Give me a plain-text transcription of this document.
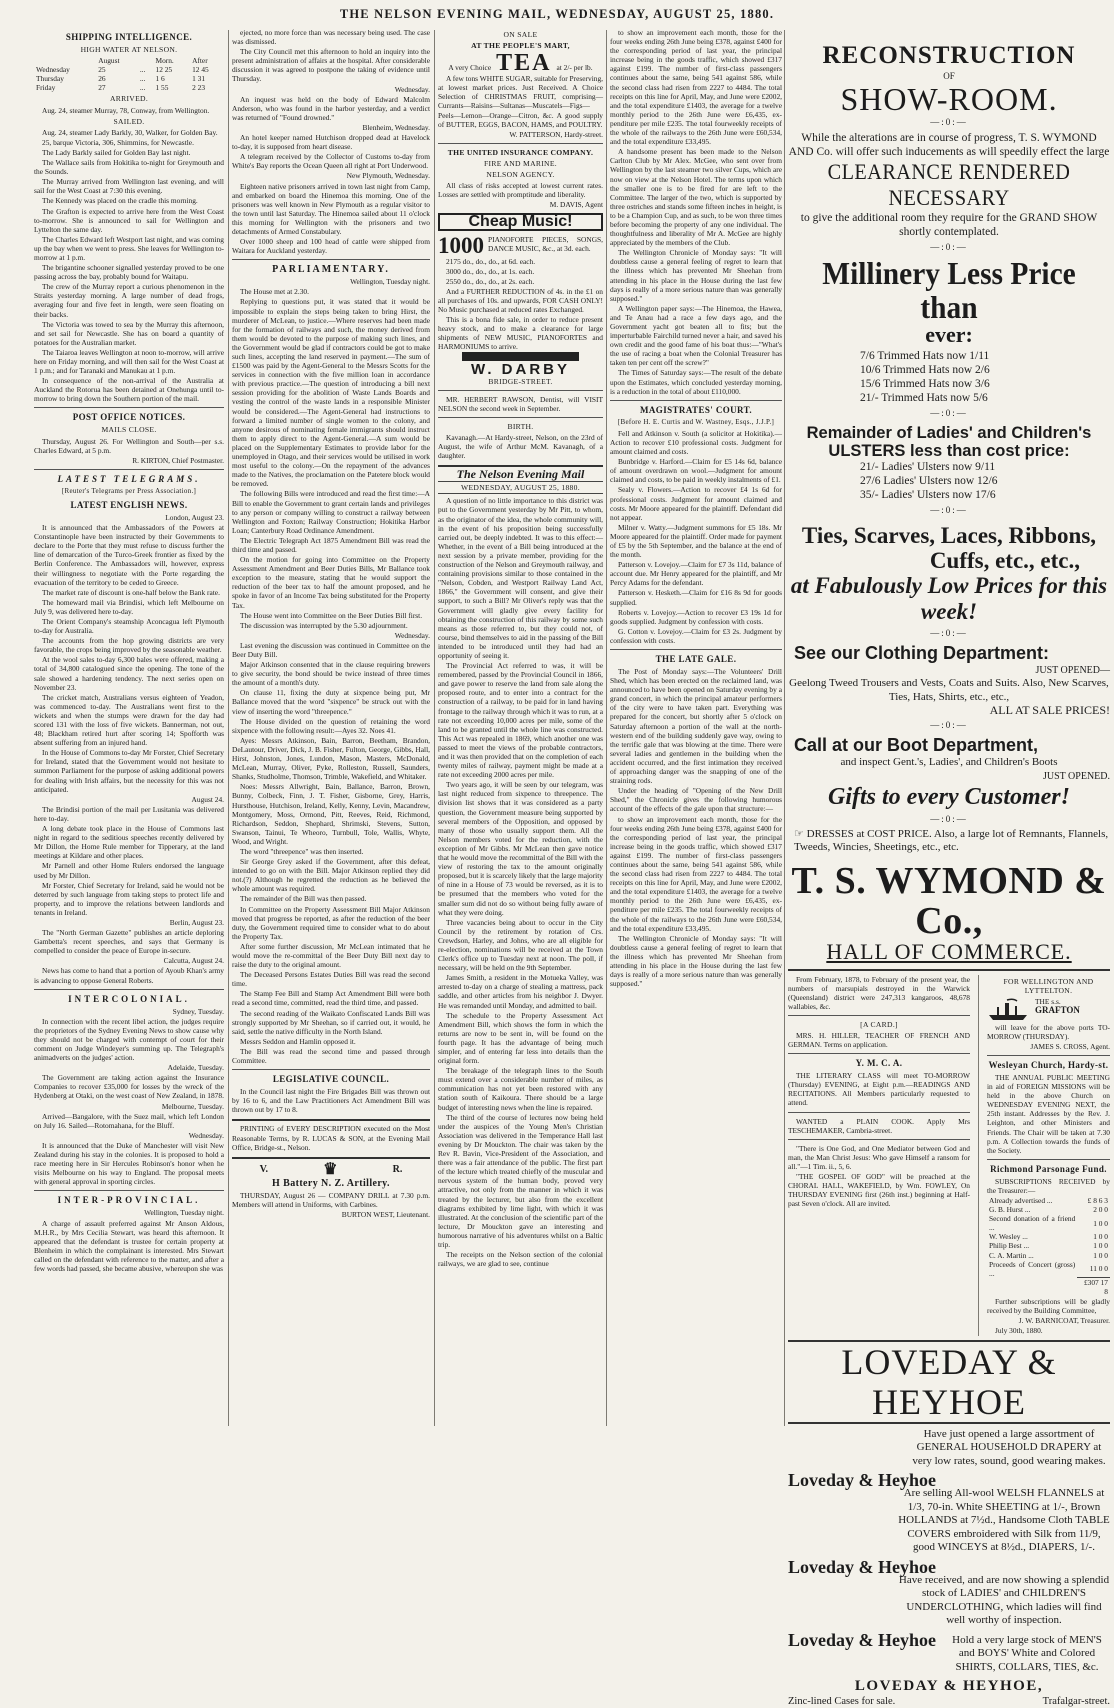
THE NELSON EVENING MAIL, WEDNESDAY, AUGUST 25, 1880.
SHIPPING INTELLIGENCE.
HIGH WATER AT NELSON.
	August		Morn.	After
Wednesday	25	...	12 25	12 45
Thursday	26	...	1 6	1 31
Friday	27	...	1 55	2 23
ARRIVED.

Aug. 24, steamer Murray, 78, Conway, from Wellington.

SAILED.

Aug. 24, steamer Lady Barkly, 30, Walker, for Golden Bay.

25, barque Victoria, 306, Shimmins, for Newcastle.

The Lady Barkly sailed for Golden Bay last night.

The Wallace sails from Hokitika to-night for Greymouth and the Sounds.

The Murray arrived from Wellington last evening, and will sail for the West Coast at 7:30 this evening.

The Kennedy was placed on the cradle this morning.

The Grafton is expected to arrive here from the West Coast to-morrow. She is announced to sail for Wellington and Lyttelton the same day.

The Charles Edward left Westport last night, and was coming up the bay when we went to press. She leaves for Wellington to-morrow at 1 p.m.

The brigantine schooner signalled yesterday proved to be one passing across the bay, probably bound for Waitapu.

The crew of the Murray report a curious phenomenon in the Straits yesterday morning. A large number of dead frogs, averaging four and five feet in length, were seen floating on their backs.

The Victoria was towed to sea by the Murray this afternoon, and set sail for Newcastle. She has on board a quantity of potatoes for the Australian market.

The Taiaroa leaves Wellington at noon to-morrow, will arrive here on Friday morning, and will then sail for the West Coast at 1 p.m.; and for Taranaki and Manukau at 1 p.m.

In consequence of the non-arrival of the Australia at Auckland the Rotorua has been detained at Onehunga until to-morrow to bring down the Southern portion of the mail.

POST OFFICE NOTICES.
MAILS CLOSE.

Thursday, August 26. For Wellington and South—per s.s. Charles Edward, at 5 p.m.

R. KIRTON, Chief Postmaster.

LATEST TELEGRAMS.
[Reuter's Telegrams per Press Association.]
LATEST ENGLISH NEWS.

London, August 23.

It is announced that the Ambassadors of the Powers at Constantinople have been instructed by their Governments to declare to the Porte that they must refuse to discuss further the line of demarcation of the Turco-Greek frontier as fixed by the Berlin Conference. The Ambassadors will, however, express their willingness to negotiate with the Porte regarding the evacuation of the territory to be ceded to Greece.

The market rate of discount is one-half below the Bank rate.

The homeward mail via Brindisi, which left Melbourne on July 9, was delivered here to-day.

The Orient Company's steamship Aconcagua left Plymouth to-day for Australia.

The accounts from the hop growing districts are very favorable, the crops being improved by the seasonable weather.

At the wool sales to-day 6,300 bales were offered, making a total of 34,800 catalogued since the opening. The tone of the sale showed a hardening tendency. The next series open on November 23.

The cricket match, Australians versus eighteen of Yeadon, was commenced to-day. The Australians went first to the wickets and when the stumps were drawn for the day had scored 131 with the loss of five wickets. Bannerman, not out, 48; Blackham retired hurt after scoring 14; Spofforth was absent suffering from an injured hand.

In the House of Commons to-day Mr Forster, Chief Secretary for Ireland, stated that the Government would not hesitate to summon Parliament for the purpose of asking additional powers for dealing with Irish affairs, but the necessity for this was not anticipated.

August 24.

The Brindisi portion of the mail per Lusitania was delivered here to-day.

A long debate took place in the House of Commons last night in regard to the seditious speeches recently delivered by Mr Dillon, the Home Rule member for Tipperary, at the land meetings at Kildare and other places.

Mr Parnell and other Home Rulers endorsed the language used by Mr Dillon.

Mr Forster, Chief Secretary for Ireland, said he would not be deterred by such language from taking steps to protect life and property, and to improve the relations between landlords and tenants in Ireland.

Berlin, August 23.

The "North German Gazette" publishes an article deploring Gambetta's recent speeches, and says that Germany is compelled to consider the peace of Europe in-secure.

Calcutta, August 24.

News has come to hand that a portion of Ayoub Khan's army is advancing to oppose General Roberts.

INTERCOLONIAL.

Sydney, Tuesday.

In connection with the recent libel action, the judges require the proprietors of the Sydney Evening News to show cause why they should not be charged with contempt of court for their comment on Judge Windeyer's summing up. The Telegraph's animadverts on the judges' action.

Adelaide, Tuesday.

The Government are taking action against the Insurance Companies to recover £35,000 for losses by the wreck of the Hydenberg at Otaki, on the west coast of New Zealand, in 1878.

Melbourne, Tuesday.

Arrived—Bangalore, with the Suez mail, which left London on July 16. Sailed—Rotomahana, for the Bluff.

Wednesday.

It is announced that the Duke of Manchester will visit New Zealand during his stay in the colonies. It is proposed to hold a race meeting here in Sir Hercules Robinson's honor when he visits Melbourne on his way to England. The proposal meets with general approval in sporting circles.

INTER-PROVINCIAL.

Wellington, Tuesday night.

A charge of assault preferred against Mr Anson Aldous, M.H.R., by Mrs Cecilia Stewart, was heard this afternoon. It appeared that the defendant is trustee for certain property at Blenheim in which the complainant is interested. Mrs Stewart called on the defendant with reference to the matter, and after a few words had passed, she became abusive, whereupon she was

ejected, no more force than was necessary being used. The case was dismissed.

The City Council met this afternoon to hold an inquiry into the present administration of affairs at the hospital. After considerable discussion it was agreed to postpone the taking of evidence until Thursday.

Wednesday.

An inquest was held on the body of Edward Malcolm Anderson, who was found in the harbor yesterday, and a verdict was returned of "Found drowned."

Blenheim, Wednesday.

An hotel keeper named Hutchison dropped dead at Havelock to-day, it is supposed from heart disease.

A telegram received by the Collector of Customs to-day from White's Bay reports the Ocean Queen all right at Port Underwood.

New Plymouth, Wednesday.

Eighteen native prisoners arrived in town last night from Camp, and embarked on board the Hinemoa this morning. One of the prisoners was well known in New Plymouth as a regular visitor to the town until last Saturday. The Hinemoa sailed about 11 o'clock this morning for Wellington with the prisoners and two detachments of Armed Constabulary.

Over 1000 sheep and 100 head of cattle were shipped from Waitara for Auckland yesterday.

PARLIAMENTARY.

Wellington, Tuesday night.

The House met at 2.30.

Replying to questions put, it was stated that it would be impossible to explain the steps being taken to bring Hirst, the murderer of McLean, to justice.—Where reserves had been made for the formation of railways and such, the money derived from them would be devoted to the purpose of making such lines, and the Government would be glad if contractors could be got to make such lines, accepting the land reserved in payment.—The sum of £1500 was paid by the Agent-General to the Messrs Scotts for the services in connection with the five million loan in accordance with previous practice.—The question of introducing a bill next session providing for the abolition of Waste Lands Boards and vesting the control of the waste lands in a responsible Minister would be considered.—The Agent-General had instructions to forward a limited number of single women to the colony, and anyone desirous of nominating female immigrants should instruct them to apply direct to the Agent-General.—A sum would be placed on the Supplementary Estimates to provide labor for the unemployed in Otago, and their services would be utilised in work most useful to the colony.—On the repayment of the advances made to the Natives, the proclamation on the Patetere block would be removed.

The following Bills were introduced and read the first time:—A Bill to enable the Government to grant certain lands and privileges to any person or company willing to construct a railway between Wellington and Foxton; Railway Construction; Hokitika Harbor Loan; Canterbury Road Ordinance Amendment.

The Electric Telegraph Act 1875 Amendment Bill was read the third time and passed.

On the motion for going into Committee on the Property Assessment Amendment and Beer Duties Bills, Mr Ballance took exception to the measure, stating that he would support the reduction of the beer tax to half the amount proposed, and he spoke in favor of an Income Tax being substituted for the Property Tax.

The House went into Committee on the Beer Duties Bill first.

The discussion was interrupted by the 5.30 adjournment.

Wednesday.

Last evening the discussion was continued in Committee on the Beer Duty Bill.

Major Atkinson consented that in the clause requiring brewers to give security, the bond should be twice instead of three times the amount of a month's duty.

On clause 11, fixing the duty at sixpence being put, Mr Ballance moved that the word "sixpence" be struck out with the view of inserting the word "threepence."

The House divided on the question of retaining the word sixpence with the following result:—Ayes 32. Noes 41.

Ayes: Messrs Atkinson, Bain, Barron, Beetham, Brandon, DeLautour, Driver, Dick, J. B. Fisher, Fulton, George, Gibbs, Hall, Hirst, Johnston, Jones, Lundon, Mason, Masters, McDonald, McLean, Murray, Oliver, Pyke, Rolleston, Russell, Saunders, Shanks, Studholme, Thomson, Trimble, Wakefield, and Whitaker.

Noes: Messrs Allwright, Bain, Ballance, Barron, Brown, Bunny, Colbeck, Finn, J. T. Fisher, Gisborne, Grey, Harris, Hursthouse, Hutchison, Ireland, Kelly, Kenny, Levin, Macandrew, Montgomery, Moss, Ormond, Pitt, Reeves, Reid, Richmond, Richardson, Seddon, Shephard, Shrimski, Stevens, Sutton, Swanson, Tainui, Te Wheoro, Turnbull, Tole, Wallis, Whyte, Wood, and Wright.

The word "threepence" was then inserted.

Sir George Grey asked if the Government, after this defeat, intended to go on with the Bill. Major Atkinson replied they did not.(?) Although he regretted the reduction as he believed the whole amount was required.

The remainder of the Bill was then passed.

In Committee on the Property Assessment Bill Major Atkinson moved that progress be reported, as after the reduction of the beer duty, the Government required time to consider what to do about the Property Tax.

After some further discussion, Mr McLean intimated that he would move the re-committal of the Beer Duty Bill next day to raise the duty to the original amount.

The Deceased Persons Estates Duties Bill was read the second time.

The Stamp Fee Bill and Stamp Act Amendment Bill were both read a second time, committed, read the third time, and passed.

The second reading of the Waikato Confiscated Lands Bill was strongly supported by Mr Sheehan, so if carried out, it would, he said, settle the native difficulty in the North Island.

Messrs Seddon and Hamlin opposed it.

The Bill was read the second time and passed through Committee.

LEGISLATIVE COUNCIL.

In the Council last night the Fire Brigades Bill was thrown out by 16 to 6, and the Law Practitioners Act Amendment Bill was thrown out by 17 to 8.

PRINTING of EVERY DESCRIPTION executed on the Most Reasonable Terms, by R. LUCAS & SON, at the Evening Mail Office, Bridge-st., Nelson.

V.	♛	R.
H Battery N. Z. Artillery.

THURSDAY, August 26 — COMPANY DRILL at 7.30 p.m. Members will attend in Uniforms, with Carbines.

BURTON WEST, Lieutenant.

ON SALE
AT THE PEOPLE'S MART,
A very Choice TEA at 2/- per lb.

A few tons WHITE SUGAR, suitable for Preserving, at lowest market prices. Just Received. A Choice Selection of CHRISTMAS FRUIT, comprising—Currants—Raisins—Sultanas—Muscatels—Figs—Peels—Lemon—Orange—Citron, &c. A good supply of BUTTER, EGGS, BACON, HAMS, and POULTRY.

W. PATTERSON, Hardy-street.

THE UNITED INSURANCE COMPANY.
FIRE AND MARINE.
NELSON AGENCY.

All class of risks accepted at lowest current rates. Losses are settled with promptitude and liberality.

M. DAVIS, Agent

Cheap Music!
1000 PIANOFORTE PIECES, SONGS, DANCE MUSIC, &c., at 3d. each.

2175 do., do., do., at 6d. each.

3000 do., do., do., at 1s. each.

2550 do., do., do., at 2s. each.

And a FURTHER REDUCTION of 4s. in the £1 on all purchases of 10s. and upwards, FOR CASH ONLY! No Music purchased at reduced rates Exchanged.

This is a bona fide sale, in order to reduce present heavy stock, and to make a clearance for large shipments of NEW MUSIC, PIANOFORTES and HARMONIUMS to arrive.

W. DARBY
BRIDGE-STREET.

MR. HERBERT RAWSON, Dentist, will VISIT NELSON the second week in September.

BIRTH.

Kavanagh.—At Hardy-street, Nelson, on the 23rd of August, the wife of Arthur McM. Kavanagh, of a daughter.

The Nelson Evening Mail
WEDNESDAY, AUGUST 25, 1880.

A question of no little importance to this district was put to the Government yesterday by Mr Pitt, to whom, as the originator of the idea, the whole community will, in the event of his proposition being successfully carried out, be deeply indebted. It was to this effect:—Whether, in the event of a Bill being introduced at the next session by a private member, providing for the construction of the Nelson and Greymouth railway, and containing provisions similar to those contained in the "Nelson, Cobden, and Westport Railway Land Act, 1866," the Government will consent, and give their support, to such a Bill? Mr Oliver's reply was that the Government will gladly give every facility for obtaining the construction of this railway by some such means as those referred to, but they could not, of course, bind themselves to aid in the passing of the Bill intended to be introduced until they had had an opportunity of seeing it.

The Provincial Act referred to was, it will be remembered, passed by the Provincial Council in 1866, and gave power to reserve the land from sale along the proposed route, and to enter into a contract for the construction of a railway, to be paid for in land having frontage to the railway through which it was to run, at a rate not exceeding 10,000 acres per mile, some of the land to be granted until the whole line was constructed. This Act was repealed in 1869, which another one was passed to meet the views of the probable contractors, and it was then provided that on the completion of each twenty miles of railway, payment might be made at a rate not exceeding 2000 acres per mile.

Two years ago, it will be seen by our telegram, was last night reduced from sixpence to threepence. The division list shows that it was considered as a party question, the Government measure being supported by several members of the Opposition, and opposed by many of those who usually support them. All the Nelson members voted for the reduction, with the exception of Mr Gibbs. Mr McLean then gave notice that he would move the recommittal of the Bill with the view of restoring the tax to the amount originally proposed, but it is scarcely likely that the large majority of nine in a House of 73 would be reversed, as it is to be presumed that the members who voted for the smaller sum did not do so without being fully aware of what they were doing.

Three vacancies being about to occur in the City Council by the retirement by rotation of Crs. Crewdson, Harley, and Johns, who are all eligible for re-election, nominations will be received at the Town Clerk's office up to Tuesday next at noon. The poll, if necessary, will be held on the 9th September.

James Smith, a resident in the Motueka Valley, was arrested to-day on a charge of stealing a mattress, pack saddle, and other articles from his neighbor J. Dwyer. He was remanded until Monday, and admitted to bail.

The schedule to the Property Assessment Act Amendment Bill, which shows the form in which the returns are now to be sent in, will be found on the fourth page. It has the advantage of being much simpler, and of entering far less into details than the original form.

The breakage of the telegraph lines to the South must extend over a considerable number of miles, as communication has not yet been restored with any station south of Kaikoura. There should be a large budget of interesting news when the line is repaired.

The third of the course of lectures now being held under the auspices of the Young Men's Christian Association was delivered in the Temperance Hall last evening by Dr Mouckton. The chair was taken by the Rev R. Bavin, Vice-President of the Association, and there was a fair attendance of the public. The first part of the lecture which treated chiefly of the muscular and nervous system of the human body, proved very attractive, not only from the manner in which it was treated by the lecturer, but also from the excellent diagrams exhibited by lime light, with which it was illustrated. At the conclusion of the scientific part of the lecture, Dr Mouckton gave an interesting and humorous narrative of his adventures whilst on a Baltic trip.

The receipts on the Nelson section of the colonial railways, we are glad to see, continue

to show an improvement each month, those for the four weeks ending 26th June being £378, against £400 for the corresponding period of last year, the principal increase being in the goods traffic, which showed £317 against £199. The number of first-class passengers continues about the same, being 541 against 586, while the second class had risen from 2227 to 4484. The total receipts on this line for April, May, and June were £2002, and the total expenditure £1403, the average for a twelve monthly period to the 26th June were £6,435, ex-penditure per mile £235. The total fourweekly receipts of the whole of the railways to the 26th June were £60,534, and the total expenditure £33,495.

A handsome present has been made to the Nelson Carlton Club by Mr Alex. McGee, who sent over from Wellington by the last steamer two silver Cups, which are now on view at the Nelson Hotel. The terms upon which the smaller one is to be fired for are left to the Committee. The larger of the two, which is supported by three ostriches and stands some fifteen inches in height, is to be a Champion Cup, and as such, to be won three times before becoming the property of any one individual. The thoughtfulness and liberality of Mr A. McGee are highly appreciated by the members of the Club.

The Wellington Chronicle of Monday says: "It will doubtless cause a general feeling of regret to learn that the illness which has prevented Mr Sheehan from attending in his place in the House during the last few days is really of a more serious nature than was generally supposed."

A Wellington paper says:—The Hinemoa, the Hawea, and Te Anau had a race a few days ago, and the Government yacht got beaten all to fits; but the imperturbable Fairchild turned never a hair, and saved his own credit and the good fame of his boat thus:—"What's the use of racing a boat when the Colonial Treasurer has taken ten per cent off the screw?"

The Times of Saturday says:—The result of the debate upon the Estimates, which concluded yesterday morning, is a reduction in the total of about £110,000.

MAGISTRATES' COURT.
[Before H. E. Curtis and W. Wastney, Esqs., J.J.P.]

Fell and Atkinson v. South (a solicitor at Hokitika).—Action to recover £10 professional costs. Judgment for amount claimed and costs.

Bunbridge v. Harford.—Claim for £5 14s 6d, balance of amount overdrawn on wool.—Judgment for amount claimed and costs, to be paid in weekly instalments of £1.

Sealy v. Flowers.—Action to recover £4 1s 6d for professional costs. Judgment for amount claimed and costs. Mr Moore appeared for the plaintiff. Defendant did not appear.

Milner v. Watty.—Judgment summons for £5 18s. Mr Moore appeared for the plaintiff. Order made for payment of £5 by the 5th September, and the balance at the end of the month.

Patterson v. Lovejoy.—Claim for £7 3s 11d, balance of account due. Mr Henry appeared for the plaintiff, and Mr Percy Adams for the defendant.

Patterson v. Hesketh.—Claim for £16 8s 9d for goods supplied.

Roberts v. Lovejoy.—Action to recover £3 19s 1d for goods supplied. Judgment by confession with costs.

G. Cotton v. Lovejoy.—Claim for £3 2s. Judgment by confession with costs.

THE LATE GALE.

The Post of Monday says:—The Volunteers' Drill Shed, which has been erected on the reclaimed land, was announced to have been opened on Saturday evening by a grand concert, in which the principal amateur performers of the city were to have taken part. Everything was prepared for the concert, but shortly after 5 o'clock on Saturday afternoon a portion of the wall at the north-western end of the building suddenly gave way, owing to the terrific gale that was blowing at the time. There were several ladies and gentlemen in the building when the accident occurred, and the first intimation they received of approaching danger was the snapping of one of the straining rods.

Under the heading of "Opening of the New Drill Shed," the Chronicle gives the following humorous account of the effects of the gale upon that structure:—

to show an improvement each month, those for the four weeks ending 26th June being £378, against £400 for the corresponding period of last year, the principal increase being in the goods traffic, which showed £317 against £199. The number of first-class passengers continues about the same, being 541 against 586, while the second class had risen from 2227 to 4484. The total receipts on this line for April, May, and June were £2002, and the total expenditure £1403, the average for a twelve monthly period to the 26th June were £6,435, ex-penditure per mile £235. The total fourweekly receipts of the whole of the railways to the 26th June were £60,534, and the total expenditure £33,495.

The Wellington Chronicle of Monday says: "It will doubtless cause a general feeling of regret to learn that the illness which has prevented Mr Sheehan from attending in his place in the House during the last few days is really of a more serious nature than was generally supposed."

RECONSTRUCTION
OF
SHOW-ROOM.
—:0:—
While the alterations are in course of progress, T. S. WYMOND AND Co. will offer such inducements as will speedily effect the large
CLEARANCE RENDERED NECESSARY
to give the additional room they require for the GRAND SHOW shortly contemplated.
—:0:—
Millinery Less Price than
ever:
7/6 Trimmed Hats now 1/11
10/6 Trimmed Hats now 2/6
15/6 Trimmed Hats now 3/6
21/- Trimmed Hats now 5/6
—:0:—
Remainder of Ladies' and Children's ULSTERS less than cost price:
21/- Ladies' Ulsters now 9/11
27/6 Ladies' Ulsters now 12/6
35/- Ladies' Ulsters now 17/6
—:0:—
Ties, Scarves, Laces, Ribbons,
Cuffs, etc., etc.,
at Fabulously Low Prices for this week!
—:0:—
See our Clothing Department:
JUST OPENED—
Geelong Tweed Trousers and Vests, Coats and Suits. Also, New Scarves, Ties, Hats, Shirts, etc., etc.,
ALL AT SALE PRICES!
—:0:—
Call at our Boot Department,
and inspect Gent.'s, Ladies', and Children's Boots
JUST OPENED.
Gifts to every Customer!
—:0:—
☞ DRESSES at COST PRICE. Also, a large lot of Remnants, Flannels, Tweeds, Wincies, Sheetings, etc., etc.
T. S. WYMOND & Co.,
HALL OF COMMERCE.

From February, 1878, to February of the present year, the numbers of marsupials destroyed in the Warwick (Queensland) district were 247,313 kangaroos, 48,678 wallabies, &c.

[A CARD.]

MRS. H. HILLER, TEACHER OF FRENCH AND GERMAN. Terms on application.

Y. M. C. A.

THE LITERARY CLASS will meet TO-MORROW (Thursday) EVENING, at Eight p.m.—READINGS AND RECITATIONS. All Members particularly requested to attend.

WANTED a PLAIN COOK. Apply Mrs TESCHEMAKER, Cambria-street.

"There is One God, and One Mediator between God and man, the Man Christ Jesus: Who gave Himself a ransom for all."—1 Tim. ii., 5, 6.

"THE GOSPEL OF GOD" will be preached at the CHORAL HALL, WAKEFIELD, by Wm. FOWLEY, On THURSDAY EVENING first (26th inst.) beginning at Half-past Seven o'clock. All are invited.

FOR WELLINGTON AND LYTTELTON.
THE s.s.
GRAFTON

will leave for the above ports TO-MORROW (THURSDAY).

JAMES S. CROSS, Agent.

Wesleyan Church, Hardy-st.

THE ANNUAL PUBLIC MEETING in aid of FOREIGN MISSIONS will be held in the above Church on WEDNESDAY EVENING NEXT, the 25th instant. Addresses by the Rev. J. Leighton, and other Ministers and Friends. The Chair will be taken at 7.30 p.m. A Collection towards the funds of the Society.

Richmond Parsonage Fund.

SUBSCRIPTIONS RECEIVED by the Treasurer:—

Already advertised ...	£ 8 6 3
G. B. Hurst ...	2 0 0
Second donation of a friend ...	1 0 0
W. Wesley ...	1 0 0
Philip Best ...	1 0 0
C. A. Martin ...	1 0 0
Proceeds of Concert (gross) ...	11 0 0
	£307 17 8

Further subscriptions will be gladly received by the Building Committee,

J. W. BARNICOAT, Treasurer.

July 30th, 1880.

LOVEDAY & HEYHOE
Have just opened a large assortment of GENERAL HOUSEHOLD DRAPERY at very low rates, sound, good wearing makes.
Loveday & Heyhoe
Are selling All-wool WELSH FLANNELS at 1/3, 70-in. White SHEETING at 1/-, Brown HOLLANDS at 7½d., Handsome Cloth TABLE COVERS embroidered with Silk from 11/9, good WINCEYS at 8½d., DIAPERS, 1/-.
Loveday & Heyhoe
Have received, and are now showing a splendid stock of LADIES' and CHILDREN'S UNDERCLOTHING, which ladies will find well worthy of inspection.
Loveday & Heyhoe	Hold a very large stock of MEN'S and BOYS' White and Colored SHIRTS, COLLARS, TIES, &c.
LOVEDAY & HEYHOE,
Zinc-lined Cases for sale.	Trafalgar-street.
